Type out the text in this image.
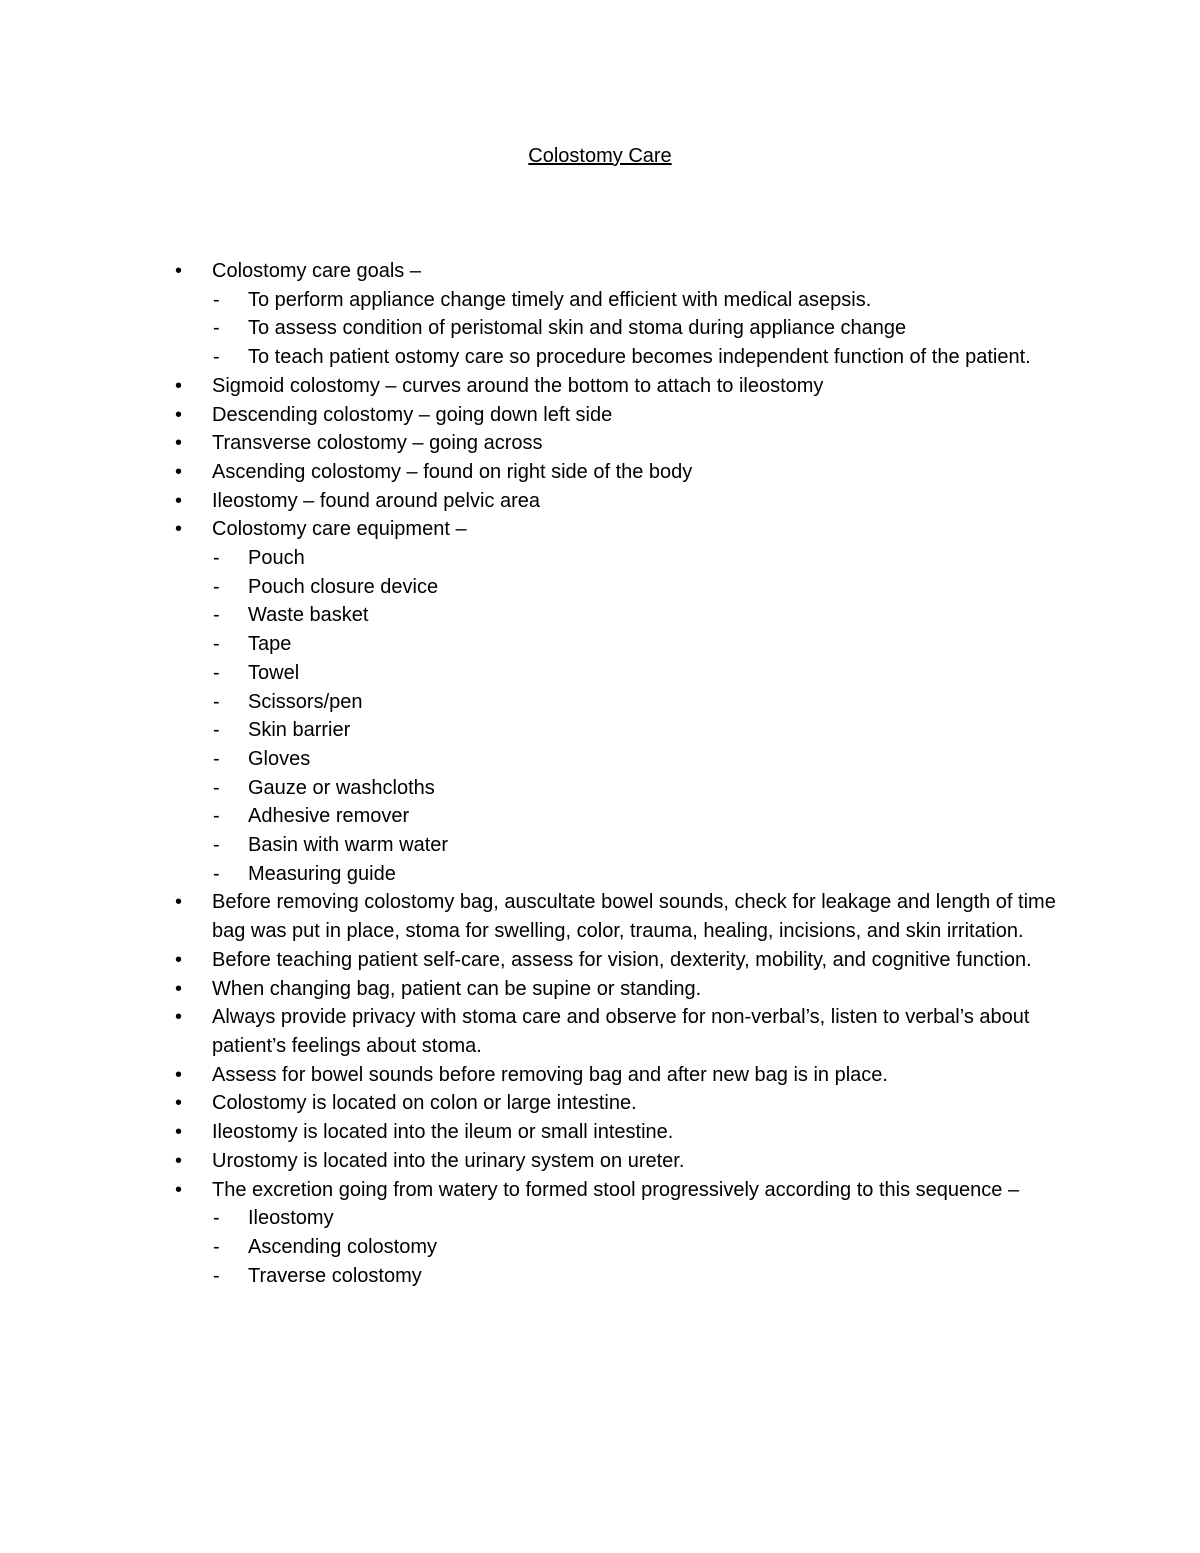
Colostomy Care
• Colostomy care goals –
- To perform appliance change timely and efficient with medical asepsis.
- To assess condition of peristomal skin and stoma during appliance change
- To teach patient ostomy care so procedure becomes independent function of the patient.
• Sigmoid colostomy – curves around the bottom to attach to ileostomy
• Descending colostomy – going down left side
• Transverse colostomy – going across
• Ascending colostomy – found on right side of the body
• Ileostomy – found around pelvic area
• Colostomy care equipment –
- Pouch
- Pouch closure device
- Waste basket
- Tape
- Towel
- Scissors/pen
- Skin barrier
- Gloves
- Gauze or washcloths
- Adhesive remover
- Basin with warm water
- Measuring guide
• Before removing colostomy bag, auscultate bowel sounds, check for leakage and length of time bag was put in place, stoma for swelling, color, trauma, healing, incisions, and skin irritation.
• Before teaching patient self-care, assess for vision, dexterity, mobility, and cognitive function.
• When changing bag, patient can be supine or standing.
• Always provide privacy with stoma care and observe for non-verbal’s, listen to verbal’s about patient’s feelings about stoma.
• Assess for bowel sounds before removing bag and after new bag is in place.
• Colostomy is located on colon or large intestine.
• Ileostomy is located into the ileum or small intestine.
• Urostomy is located into the urinary system on ureter.
• The excretion going from watery to formed stool progressively according to this sequence –
- Ileostomy
- Ascending colostomy
- Traverse colostomy
